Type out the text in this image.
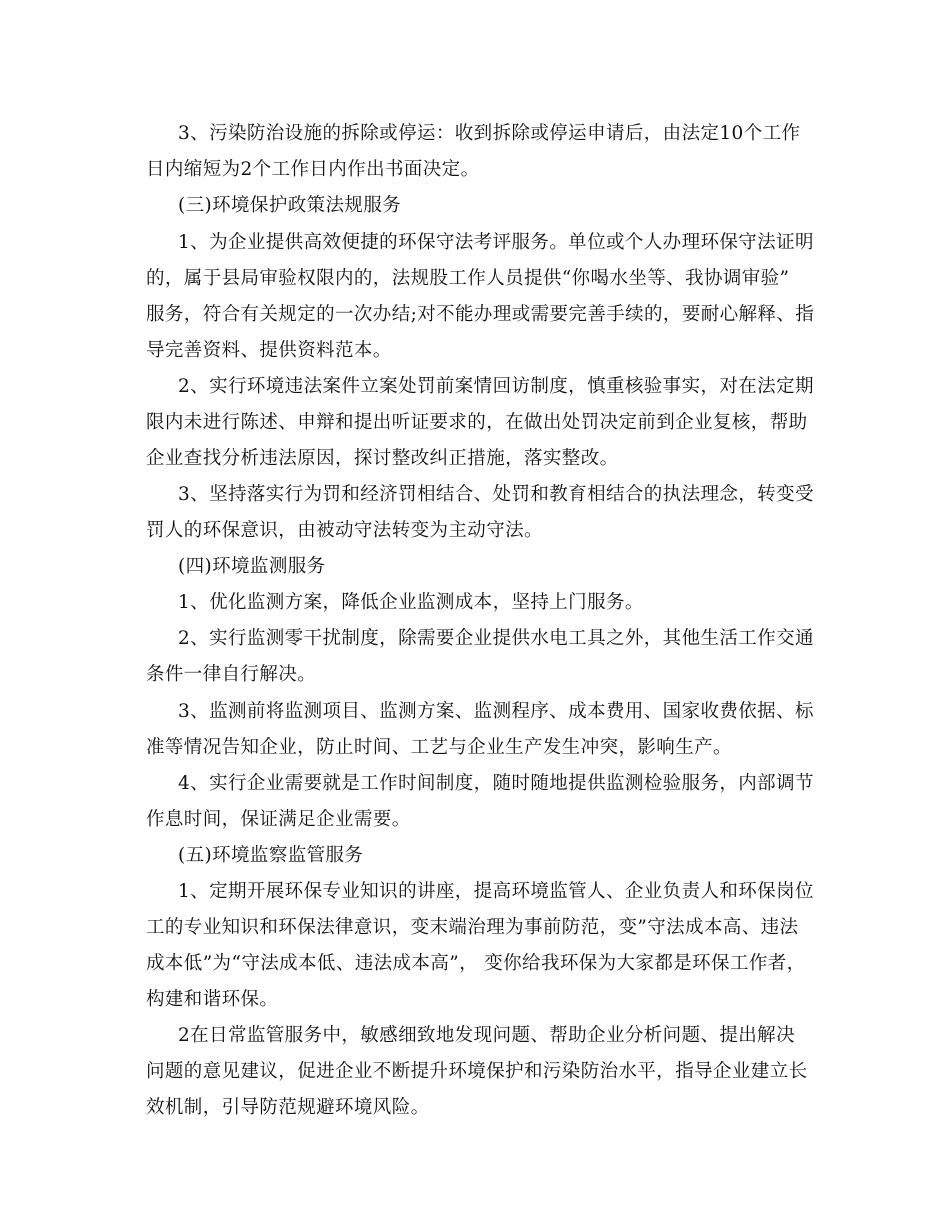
3、污染防治设施的拆除或停运：收到拆除或停运申请后，由法定10个工作
日内缩短为2个工作日内作出书面决定。
(三)环境保护政策法规服务
1、为企业提供高效便捷的环保守法考评服务。单位或个人办理环保守法证明
的，属于县局审验权限内的，法规股工作人员提供“你喝水坐等、我协调审验”
服务，符合有关规定的一次办结;对不能办理或需要完善手续的，要耐心解释、指
导完善资料、提供资料范本。
2、实行环境违法案件立案处罚前案情回访制度，慎重核验事实，对在法定期
限内未进行陈述、申辩和提出听证要求的，在做出处罚决定前到企业复核，帮助
企业查找分析违法原因，探讨整改纠正措施，落实整改。
3、坚持落实行为罚和经济罚相结合、处罚和教育相结合的执法理念，转变受
罚人的环保意识，由被动守法转变为主动守法。
(四)环境监测服务
1、优化监测方案，降低企业监测成本，坚持上门服务。
2、实行监测零干扰制度，除需要企业提供水电工具之外，其他生活工作交通
条件一律自行解决。
3、监测前将监测项目、监测方案、监测程序、成本费用、国家收费依据、标
准等情况告知企业，防止时间、工艺与企业生产发生冲突，影响生产。
4、实行企业需要就是工作时间制度，随时随地提供监测检验服务，内部调节
作息时间，保证满足企业需要。
(五)环境监察监管服务
1、定期开展环保专业知识的讲座，提高环境监管人、企业负责人和环保岗位
工的专业知识和环保法律意识，变末端治理为事前防范，变”守法成本高、违法
成本低”为“守法成本低、违法成本高”， 变你给我环保为大家都是环保工作者，
构建和谐环保。
2在日常监管服务中，敏感细致地发现问题、帮助企业分析问题、提出解决
问题的意见建议，促进企业不断提升环境保护和污染防治水平，指导企业建立长
效机制，引导防范规避环境风险。
